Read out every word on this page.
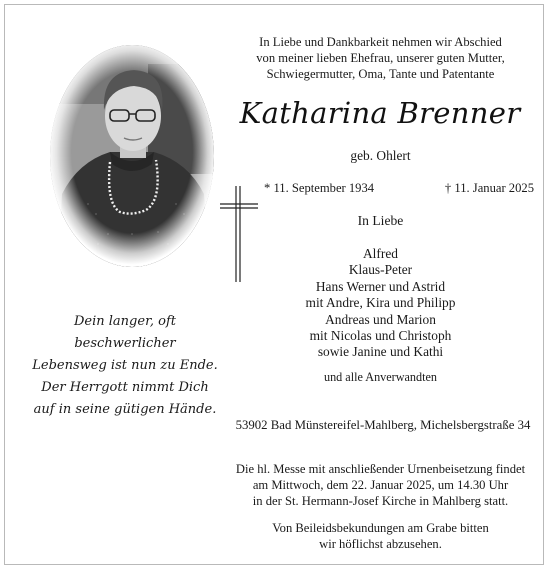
In Liebe und Dankbarkeit nehmen wir Abschied
von meiner lieben Ehefrau, unserer guten Mutter,
Schwiegermutter, Oma, Tante und Patentante
Katharina Brenner
geb. Ohlert
* 11. September 1934	† 11. Januar 2025
In Liebe
Alfred
Klaus-Peter
Hans Werner und Astrid
mit Andre, Kira und Philipp
Andreas und Marion
mit Nicolas und Christoph
sowie Janine und Kathi
und alle Anverwandten
53902 Bad Münstereifel-Mahlberg, Michelsbergstraße 34
Die hl. Messe mit anschließender Urnenbeisetzung findet
am Mittwoch, dem 22. Januar 2025, um 14.30 Uhr
in der St. Hermann-Josef Kirche in Mahlberg statt.
Von Beileidsbekundungen am Grabe bitten
wir höflichst abzusehen.
Dein langer, oft beschwerlicher
Lebensweg ist nun zu Ende.
Der Herrgott nimmt Dich
auf in seine gütigen Hände.
